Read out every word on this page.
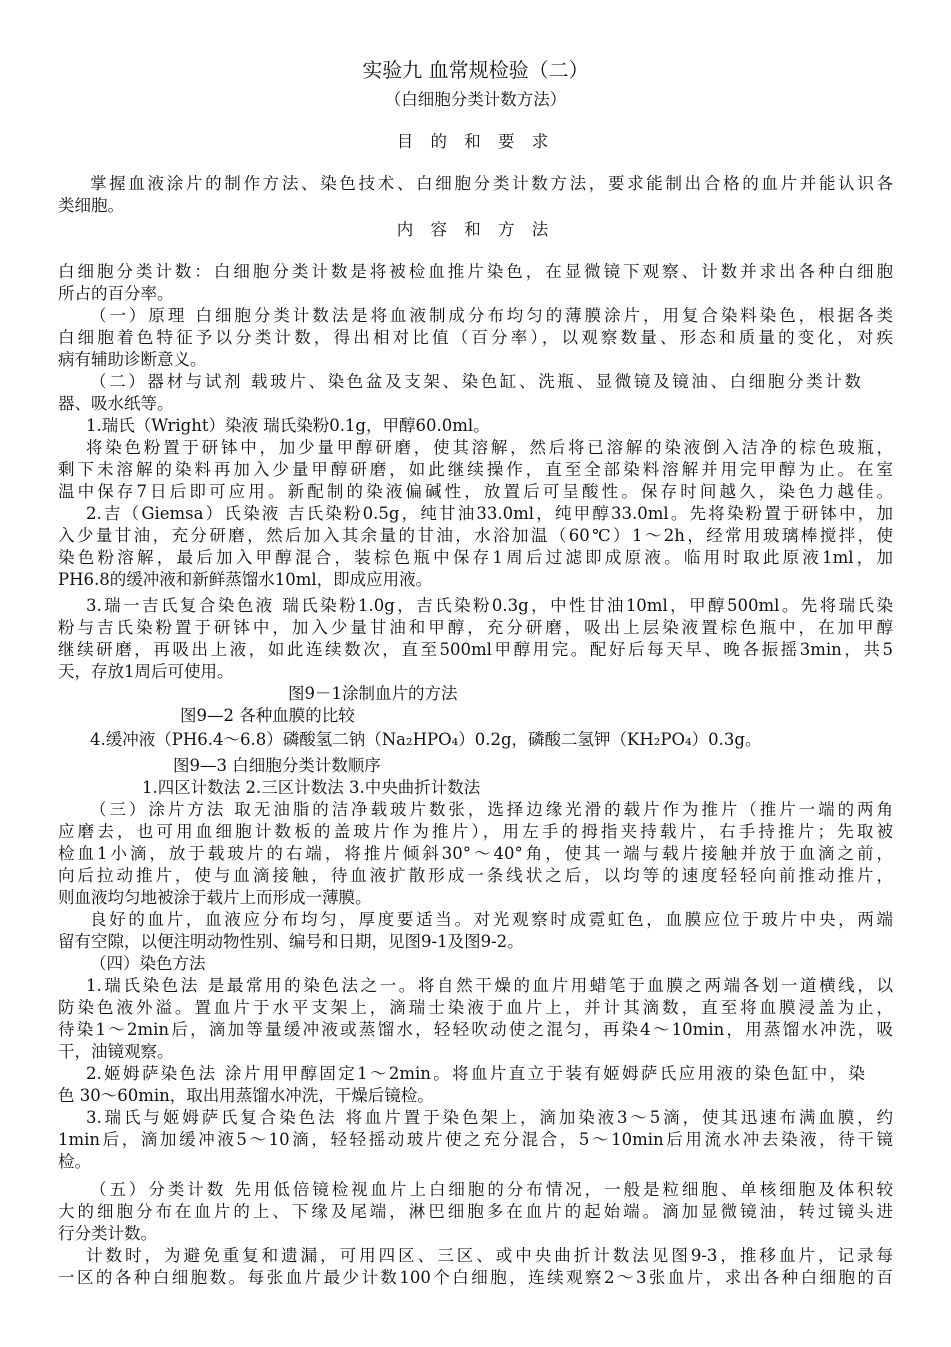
实验九 血常规检验（二）
（白细胞分类计数方法）
目 的 和 要 求
掌握血液涂片的制作方法、染色技术、白细胞分类计数方法，要求能制出合格的血片并能认识各
类细胞。
内 容 和 方 法
白细胞分类计数：白细胞分类计数是将被检血推片染色，在显微镜下观察、计数并求出各种白细胞
所占的百分率。
（一）原理 白细胞分类计数法是将血液制成分布均匀的薄膜涂片，用复合染料染色，根据各类
白细胞着色特征予以分类计数，得出相对比值（百分率），以观察数量、形态和质量的变化，对疾
病有辅助诊断意义。
（二）器材与试剂 载玻片、染色盆及支架、染色缸、洗瓶、显微镜及镜油、白细胞分类计数
器、吸水纸等。
1.瑞氏（Wright）染液 瑞氏染粉0.1g，甲醇60.0ml。
将染色粉置于研钵中，加少量甲醇研磨，使其溶解，然后将已溶解的染液倒入洁净的棕色玻瓶，
剩下未溶解的染料再加入少量甲醇研磨，如此继续操作，直至全部染料溶解并用完甲醇为止。在室
温中保存7日后即可应用。新配制的染液偏碱性，放置后可呈酸性。保存时间越久，染色力越佳。
2.吉（Giemsa）氏染液 吉氏染粉0.5g，纯甘油33.0ml，纯甲醇33.0ml。先将染粉置于研钵中，加
入少量甘油，充分研磨，然后加入其余量的甘油，水浴加温（60℃）1～2h，经常用玻璃棒搅拌，使
染色粉溶解，最后加入甲醇混合，装棕色瓶中保存1周后过滤即成原液。临用时取此原液1ml，加
PH6.8的缓冲液和新鲜蒸馏水10ml，即成应用液。
3.瑞一吉氏复合染色液 瑞氏染粉1.0g，吉氏染粉0.3g，中性甘油10ml，甲醇500ml。先将瑞氏染
粉与吉氏染粉置于研钵中，加入少量甘油和甲醇，充分研磨，吸出上层染液置棕色瓶中，在加甲醇
继续研磨，再吸出上液，如此连续数次，直至500ml甲醇用完。配好后每天早、晚各振摇3min，共5
天，存放1周后可使用。
图9－1涂制血片的方法
图9—2 各种血膜的比较
4.缓冲液（PH6.4～6.8）磷酸氢二钠（Na₂HPO₄）0.2g，磷酸二氢钾（KH₂PO₄）0.3g。
图9—3 白细胞分类计数顺序
1.四区计数法 2.三区计数法 3.中央曲折计数法
（三）涂片方法 取无油脂的洁净载玻片数张，选择边缘光滑的载片作为推片（推片一端的两角
应磨去，也可用血细胞计数板的盖玻片作为推片），用左手的拇指夹持载片，右手持推片；先取被
检血1小滴，放于载玻片的右端，将推片倾斜30°～40°角，使其一端与载片接触并放于血滴之前，
向后拉动推片，使与血滴接触，待血液扩散形成一条线状之后，以均等的速度轻轻向前推动推片，
则血液均匀地被涂于载片上而形成一薄膜。
良好的血片，血液应分布均匀，厚度要适当。对光观察时成霓虹色，血膜应位于玻片中央，两端
留有空隙，以便注明动物性别、编号和日期，见图9-1及图9-2。
（四）染色方法
1.瑞氏染色法 是最常用的染色法之一。将自然干燥的血片用蜡笔于血膜之两端各划一道横线，以
防染色液外溢。置血片于水平支架上，滴瑞士染液于血片上，并计其滴数，直至将血膜浸盖为止，
待染1～2min后，滴加等量缓冲液或蒸馏水，轻轻吹动使之混匀，再染4～10min，用蒸馏水冲洗，吸
干，油镜观察。
2.姬姆萨染色法 涂片用甲醇固定1～2min。将血片直立于装有姬姆萨氏应用液的染色缸中，染
色 30～60min，取出用蒸馏水冲洗，干燥后镜检。
3.瑞氏与姬姆萨氏复合染色法 将血片置于染色架上，滴加染液3～5滴，使其迅速布满血膜，约
1min后，滴加缓冲液5～10滴，轻轻摇动玻片使之充分混合，5～10min后用流水冲去染液，待干镜
检。
（五）分类计数 先用低倍镜检视血片上白细胞的分布情况，一般是粒细胞、单核细胞及体积较
大的细胞分布在血片的上、下缘及尾端，淋巴细胞多在血片的起始端。滴加显微镜油，转过镜头进
行分类计数。
计数时，为避免重复和遗漏，可用四区、三区、或中央曲折计数法见图9-3，推移血片，记录每
一区的各种白细胞数。每张血片最少计数100个白细胞，连续观察2～3张血片，求出各种白细胞的百
